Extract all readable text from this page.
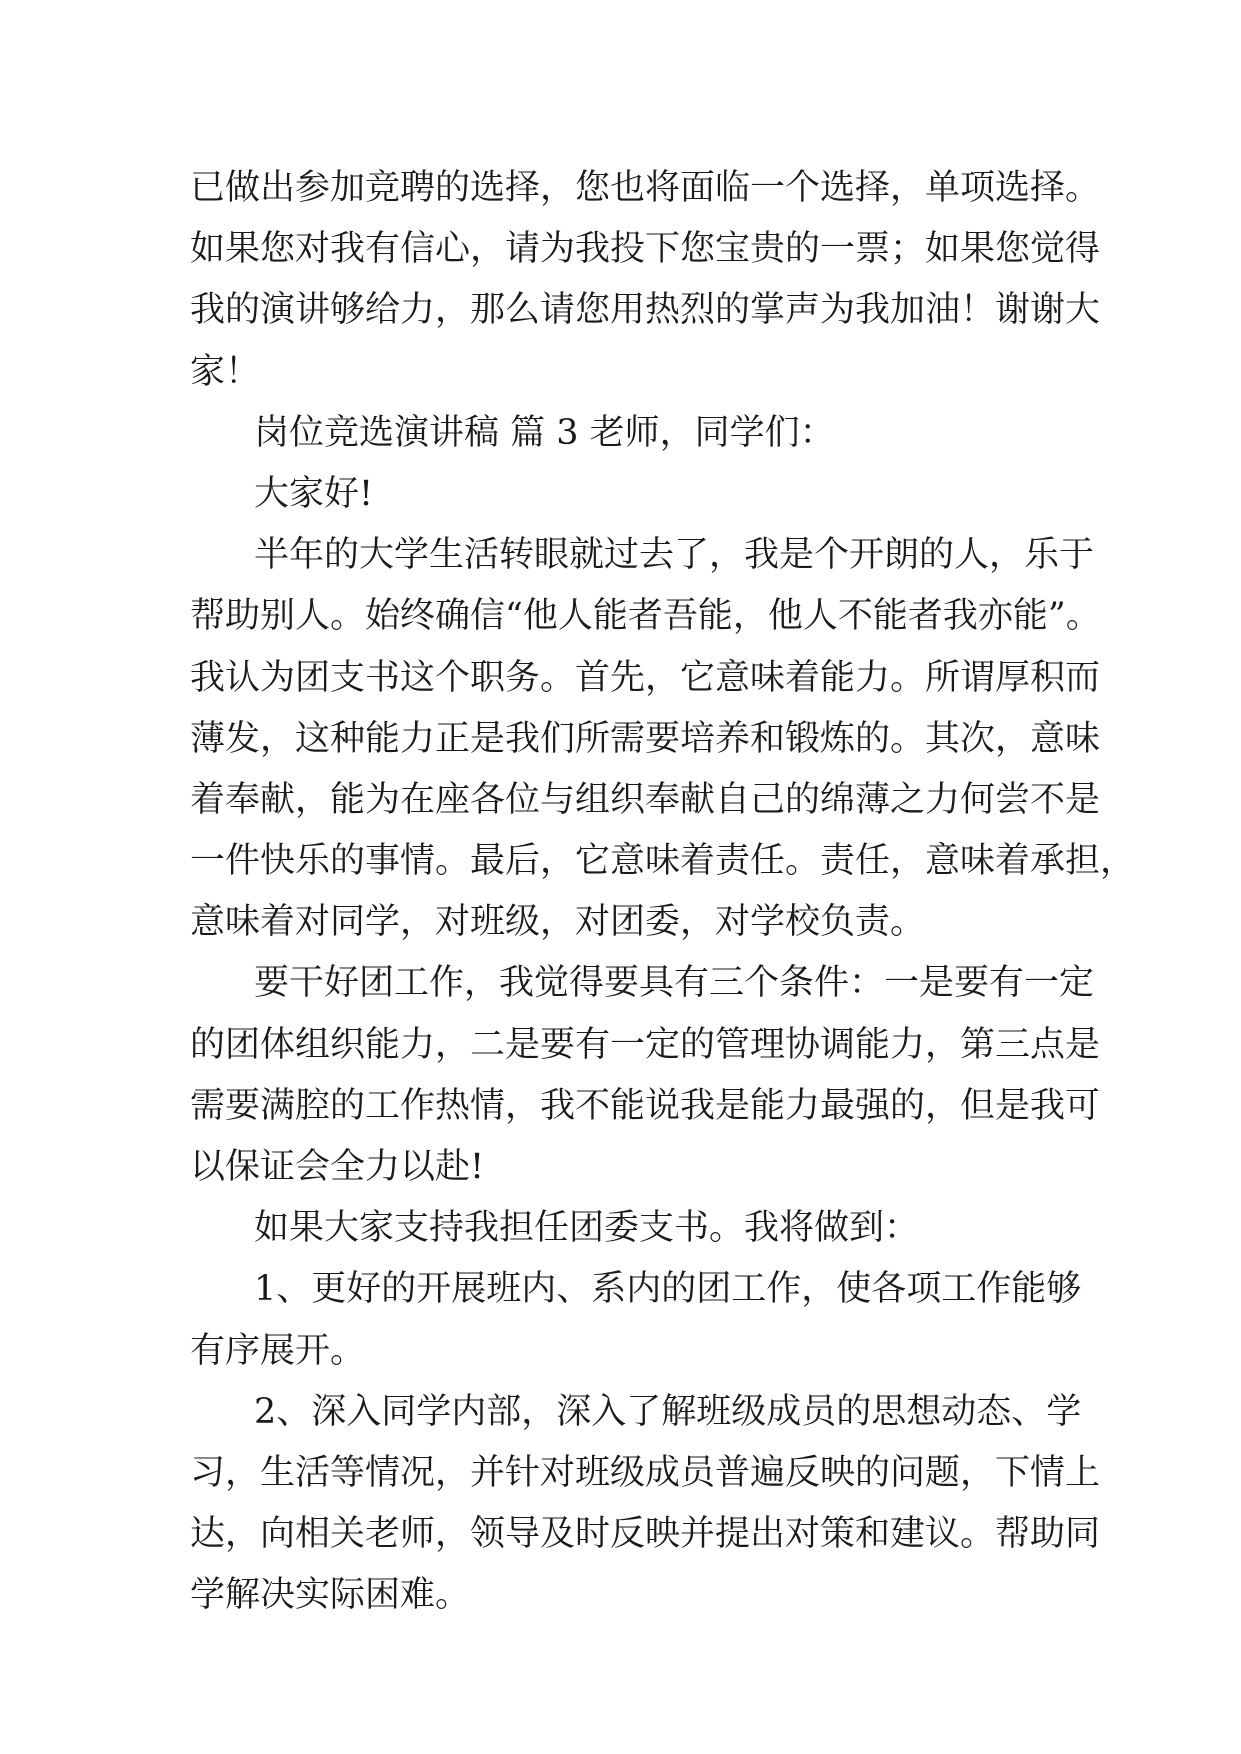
已做出参加竞聘的选择，您也将面临一个选择，单项选择。
如果您对我有信心，请为我投下您宝贵的一票；如果您觉得
我的演讲够给力，那么请您用热烈的掌声为我加油！谢谢大
家！
岗位竞选演讲稿 篇 3 老师，同学们：
大家好!
半年的大学生活转眼就过去了，我是个开朗的人，乐于
帮助别人。始终确信“他人能者吾能，他人不能者我亦能”。
我认为团支书这个职务。首先，它意味着能力。所谓厚积而
薄发，这种能力正是我们所需要培养和锻炼的。其次，意味
着奉献，能为在座各位与组织奉献自己的绵薄之力何尝不是
一件快乐的事情。最后，它意味着责任。责任，意味着承担，
意味着对同学，对班级，对团委，对学校负责。
要干好团工作，我觉得要具有三个条件：一是要有一定
的团体组织能力，二是要有一定的管理协调能力，第三点是
需要满腔的工作热情，我不能说我是能力最强的，但是我可
以保证会全力以赴!
如果大家支持我担任团委支书。我将做到：
1、更好的开展班内、系内的团工作，使各项工作能够
有序展开。
2、深入同学内部，深入了解班级成员的思想动态、学
习，生活等情况，并针对班级成员普遍反映的问题，下情上
达，向相关老师，领导及时反映并提出对策和建议。帮助同
学解决实际困难。
